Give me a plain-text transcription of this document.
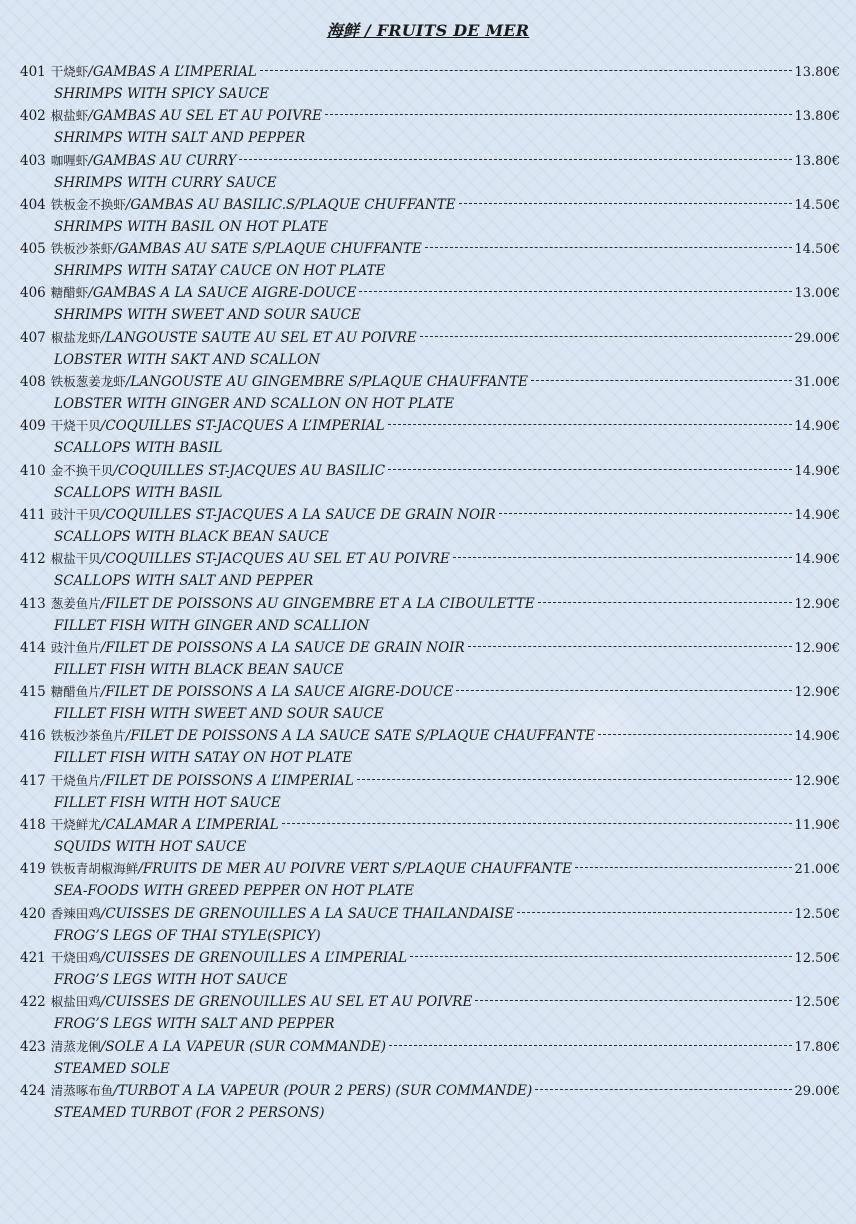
海鲜 / FRUITS DE MER
401 干烧虾 /GAMBAS A L’IMPERIAL	13.80€
SHRIMPS WITH SPICY SAUCE
402 椒盐虾 /GAMBAS AU SEL ET AU POIVRE	13.80€
SHRIMPS WITH SALT AND PEPPER
403 咖喱虾 /GAMBAS AU CURRY	13.80€
SHRIMPS WITH CURRY SAUCE
404 铁板金不换虾 /GAMBAS AU BASILIC.S/PLAQUE CHUFFANTE	14.50€
SHRIMPS WITH BASIL ON HOT PLATE
405 铁板沙茶虾 /GAMBAS AU SATE S/PLAQUE CHUFFANTE	14.50€
SHRIMPS WITH SATAY CAUCE ON HOT PLATE
406 糖醋虾 /GAMBAS A LA SAUCE AIGRE-DOUCE	13.00€
SHRIMPS WITH SWEET AND SOUR SAUCE
407 椒盐龙虾 /LANGOUSTE SAUTE AU SEL ET AU POIVRE	29.00€
LOBSTER WITH SAKT AND SCALLON
408 铁板葱姜龙虾 /LANGOUSTE AU GINGEMBRE S/PLAQUE CHAUFFANTE	31.00€
LOBSTER WITH GINGER AND SCALLON ON HOT PLATE
409 干烧干贝 /COQUILLES ST-JACQUES A L’IMPERIAL	14.90€
SCALLOPS WITH BASIL
410 金不换干贝 /COQUILLES ST-JACQUES AU BASILIC	14.90€
SCALLOPS WITH BASIL
411 豉汁干贝 /COQUILLES ST-JACQUES A LA SAUCE DE GRAIN NOIR	14.90€
SCALLOPS WITH BLACK BEAN SAUCE
412 椒盐干贝 /COQUILLES ST-JACQUES AU SEL ET AU POIVRE	14.90€
SCALLOPS WITH SALT AND PEPPER
413 葱姜鱼片 /FILET DE POISSONS AU GINGEMBRE ET A LA CIBOULETTE	12.90€
FILLET FISH WITH GINGER AND SCALLION
414 豉汁鱼片 /FILET DE POISSONS A LA SAUCE DE GRAIN NOIR	12.90€
FILLET FISH WITH BLACK BEAN SAUCE
415 糖醋鱼片 /FILET DE POISSONS A LA SAUCE AIGRE-DOUCE	12.90€
FILLET FISH WITH SWEET AND SOUR SAUCE
416 铁板沙茶鱼片 /FILET DE POISSONS A LA SAUCE SATE S/PLAQUE CHAUFFANTE	14.90€
FILLET FISH WITH SATAY ON HOT PLATE
417 干烧鱼片 /FILET DE POISSONS A L’IMPERIAL	12.90€
FILLET FISH WITH HOT SAUCE
418 干烧鲜尤 /CALAMAR A L’IMPERIAL	11.90€
SQUIDS WITH HOT SAUCE
419 铁板青胡椒海鲜 /FRUITS DE MER AU POIVRE VERT S/PLAQUE CHAUFFANTE	21.00€
SEA-FOODS WITH GREED PEPPER ON HOT PLATE
420 香辣田鸡 /CUISSES DE GRENOUILLES A LA SAUCE THAILANDAISE	12.50€
FROG’S LEGS OF THAI STYLE(SPICY)
421 干烧田鸡 /CUISSES DE GRENOUILLES A L’IMPERIAL	12.50€
FROG’S LEGS WITH HOT SAUCE
422 椒盐田鸡 /CUISSES DE GRENOUILLES AU SEL ET AU POIVRE	12.50€
FROG’S LEGS WITH SALT AND PEPPER
423 清蒸龙俐 /SOLE A LA VAPEUR (SUR COMMANDE)	17.80€
STEAMED SOLE
424 清蒸啄布鱼 /TURBOT A LA VAPEUR (POUR 2 PERS) (SUR COMMANDE)	29.00€
STEAMED TURBOT (FOR 2 PERSONS)
